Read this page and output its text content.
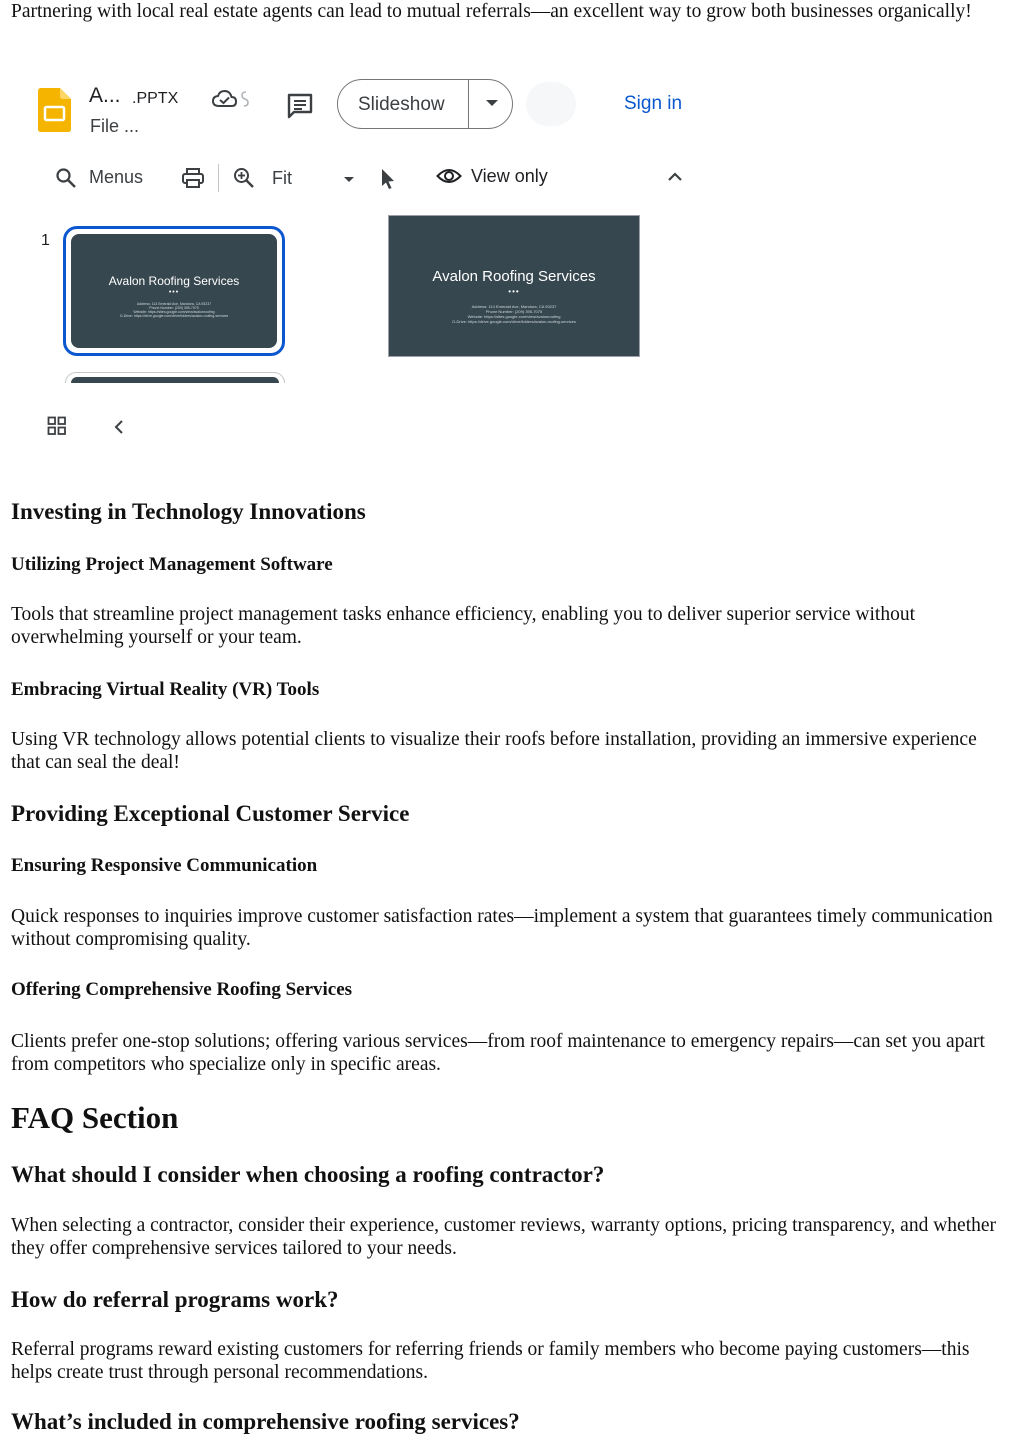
Partnering with local real estate agents can lead to mutual referrals—an excellent way to grow both businesses organically!

A... .PPTX
File ...
Slideshow	Sign in
Menus	Fit	View only
1
Avalon Roofing Services
•••
Address: 114 Emerald Ave, Mandora, CA 93237
Phone Number: (209) 395-7075
Website: https://sites.google.com/view/avalonroofing
G-Drive: https://drive.google.com/drive/folders/avalon-roofing-services
Avalon Roofing Services
•••
Address: 114 Emerald Ave, Mandora, CA 93237
Phone Number: (209) 395-7075
Website: https://sites.google.com/view/avalonroofing
G-Drive: https://drive.google.com/drive/folders/avalon-roofing-services
Investing in Technology Innovations
Utilizing Project Management Software

Tools that streamline project management tasks enhance efficiency, enabling you to deliver superior service without overwhelming yourself or your team.

Embracing Virtual Reality (VR) Tools

Using VR technology allows potential clients to visualize their roofs before installation, providing an immersive experience that can seal the deal!

Providing Exceptional Customer Service
Ensuring Responsive Communication

Quick responses to inquiries improve customer satisfaction rates—implement a system that guarantees timely communication without compromising quality.

Offering Comprehensive Roofing Services

Clients prefer one-stop solutions; offering various services—from roof maintenance to emergency repairs—can set you apart from competitors who specialize only in specific areas.

FAQ Section
What should I consider when choosing a roofing contractor?

When selecting a contractor, consider their experience, customer reviews, warranty options, pricing transparency, and whether they offer comprehensive services tailored to your needs.

How do referral programs work?

Referral programs reward existing customers for referring friends or family members who become paying customers—this helps create trust through personal recommendations.

What’s included in comprehensive roofing services?
